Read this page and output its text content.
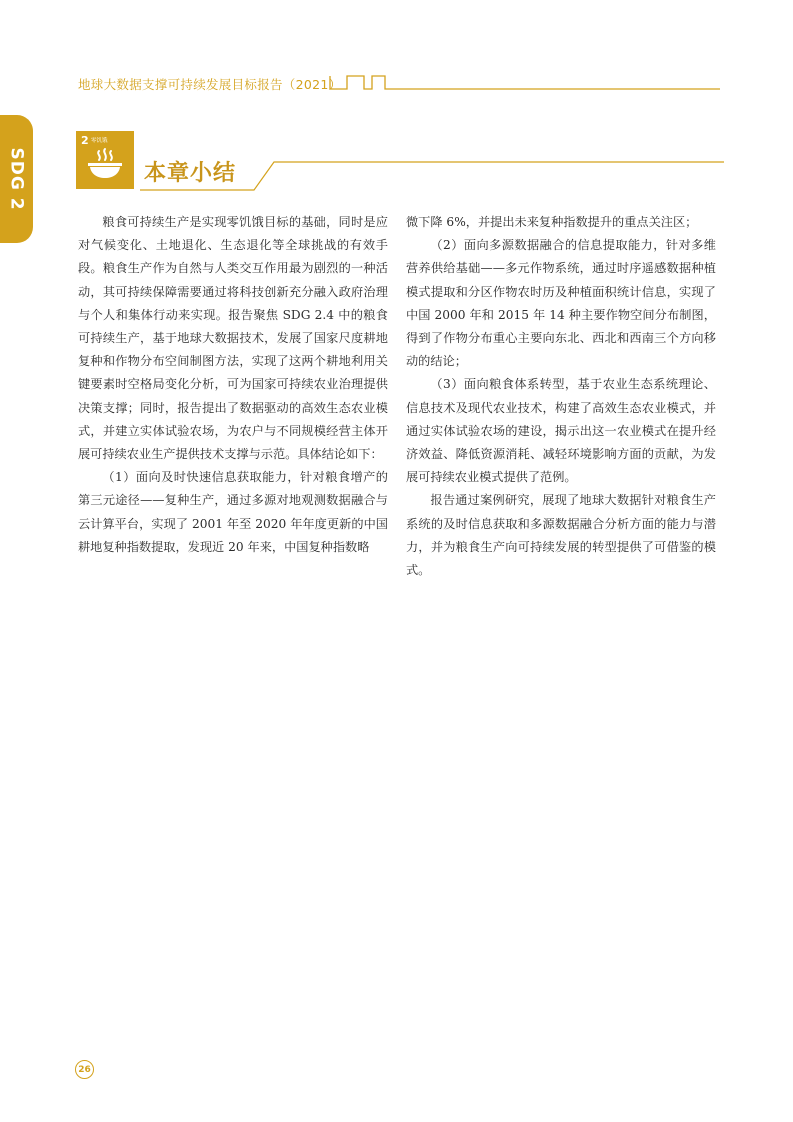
地球大数据支撑可持续发展目标报告（2021）
SDG 2
2 零饥饿
本章小结

粮食可持续生产是实现零饥饿目标的基础，同时是应对气候变化、土地退化、生态退化等全球挑战的有效手段。粮食生产作为自然与人类交互作用最为剧烈的一种活动，其可持续保障需要通过将科技创新充分融入政府治理与个人和集体行动来实现。报告聚焦 SDG 2.4 中的粮食可持续生产，基于地球大数据技术，发展了国家尺度耕地复种和作物分布空间制图方法，实现了这两个耕地利用关键要素时空格局变化分析，可为国家可持续农业治理提供决策支撑；同时，报告提出了数据驱动的高效生态农业模式，并建立实体试验农场，为农户与不同规模经营主体开展可持续农业生产提供技术支撑与示范。具体结论如下：

（1）面向及时快速信息获取能力，针对粮食增产的第三元途径——复种生产，通过多源对地观测数据融合与云计算平台，实现了 2001 年至 2020 年年度更新的中国耕地复种指数提取，发现近 20 年来，中国复种指数略

微下降 6%，并提出未来复种指数提升的重点关注区；

（2）面向多源数据融合的信息提取能力，针对多维营养供给基础——多元作物系统，通过时序遥感数据种植模式提取和分区作物农时历及种植面积统计信息，实现了中国 2000 年和 2015 年 14 种主要作物空间分布制图，得到了作物分布重心主要向东北、西北和西南三个方向移动的结论；

（3）面向粮食体系转型，基于农业生态系统理论、信息技术及现代农业技术，构建了高效生态农业模式，并通过实体试验农场的建设，揭示出这一农业模式在提升经济效益、降低资源消耗、减轻环境影响方面的贡献，为发展可持续农业模式提供了范例。

报告通过案例研究，展现了地球大数据针对粮食生产系统的及时信息获取和多源数据融合分析方面的能力与潜力，并为粮食生产向可持续发展的转型提供了可借鉴的模式。

26
